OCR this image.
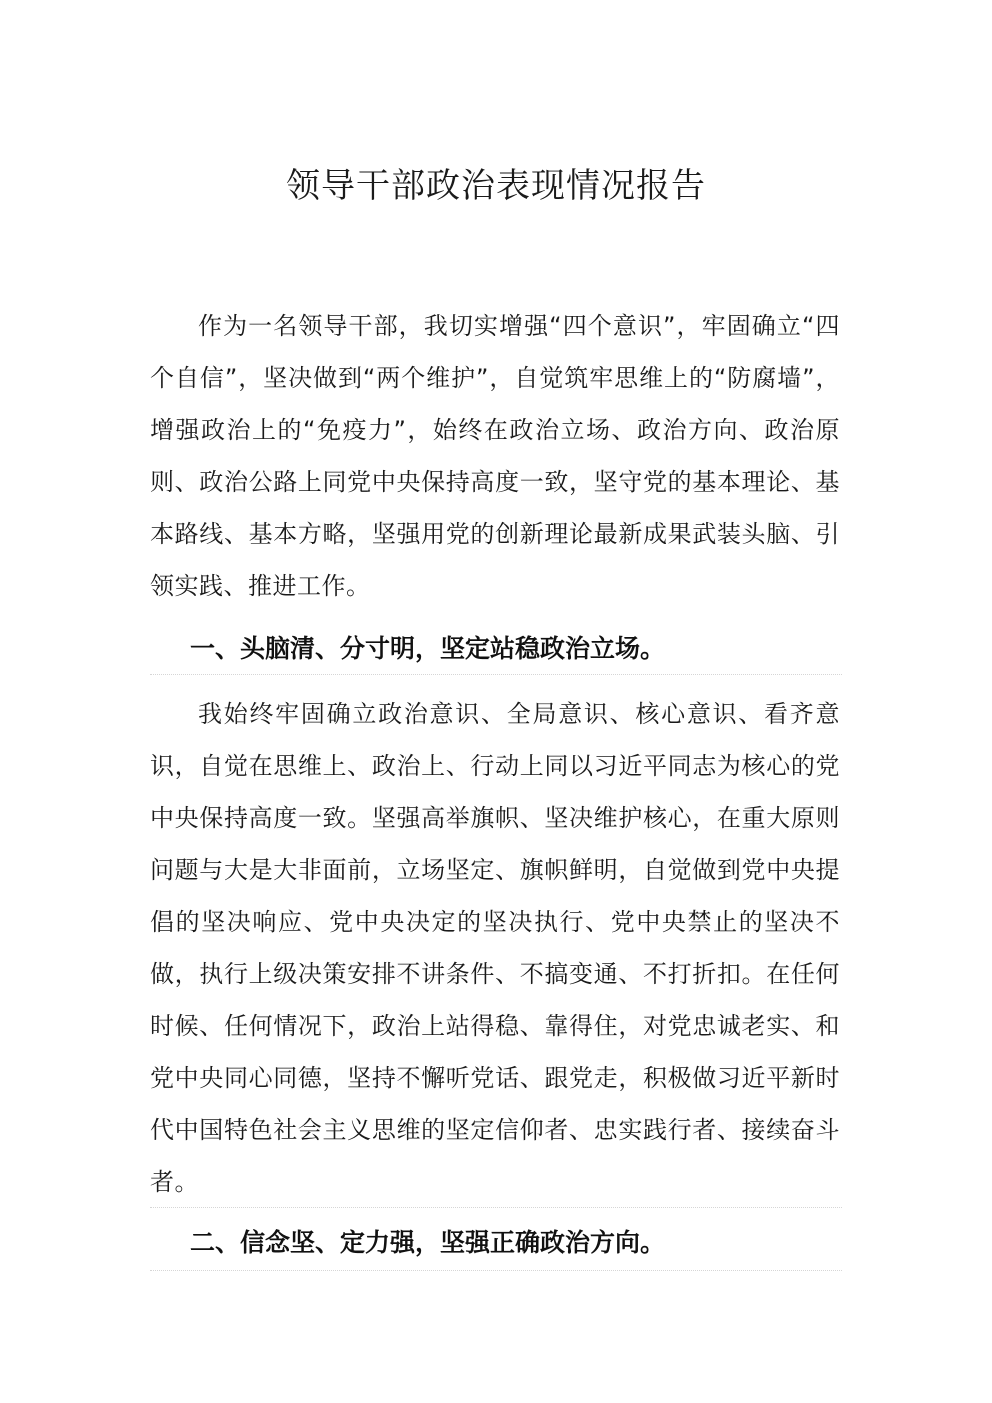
领导干部政治表现情况报告

作为一名领导干部，我切实增强“四个意识”，牢固确立“四个自信”，坚决做到“两个维护”，自觉筑牢思维上的“防腐墙”，增强政治上的“免疫力”，始终在政治立场、政治方向、政治原则、政治公路上同党中央保持高度一致，坚守党的基本理论、基本路线、基本方略，坚强用党的创新理论最新成果武装头脑、引领实践、推进工作。

一、头脑清、分寸明，坚定站稳政治立场。

我始终牢固确立政治意识、全局意识、核心意识、看齐意识，自觉在思维上、政治上、行动上同以习近平同志为核心的党中央保持高度一致。坚强高举旗帜、坚决维护核心，在重大原则问题与大是大非面前，立场坚定、旗帜鲜明，自觉做到党中央提倡的坚决响应、党中央决定的坚决执行、党中央禁止的坚决不做，执行上级决策安排不讲条件、不搞变通、不打折扣。在任何时候、任何情况下，政治上站得稳、靠得住，对党忠诚老实、和党中央同心同德，坚持不懈听党话、跟党走，积极做习近平新时代中国特色社会主义思维的坚定信仰者、忠实践行者、接续奋斗者。

二、信念坚、定力强，坚强正确政治方向。
